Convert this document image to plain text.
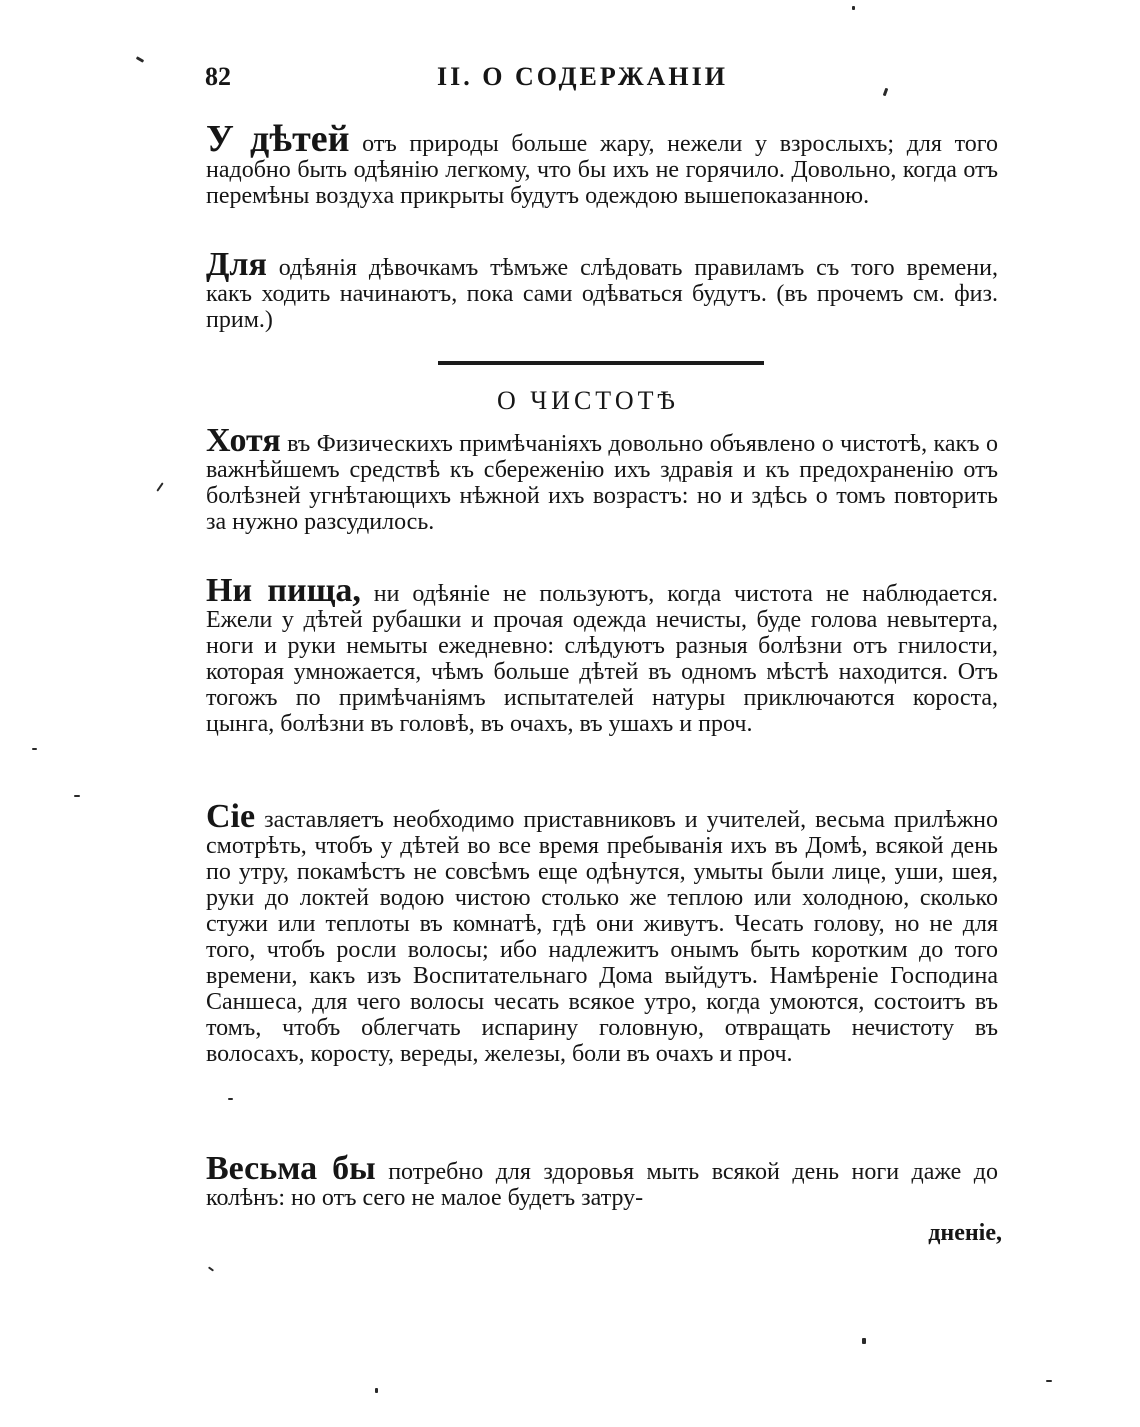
82	II. О СОДЕРЖАНІИ
У дѣтей отъ природы больше жару, нежели у взрослыхъ; для того надобно быть одѣянію легкому, что бы ихъ не горячило. Довольно, когда отъ перемѣны воздуха прикрыты будутъ одеждою вышепоказанною.
Для одѣянія дѣвочкамъ тѣмъже слѣдовать правиламъ съ того времени, какъ ходить начинаютъ, пока сами одѣваться будутъ. (въ прочемъ см. физ. прим.)
О ЧИСТОТѢ
Хотя въ Физическихъ примѣчаніяхъ довольно объявлено о чистотѣ, какъ о важнѣйшемъ средствѣ къ сбереженію ихъ здравія и къ предохраненію отъ болѣзней угнѣтающихъ нѣжной ихъ возрастъ: но и здѣсь о томъ повторить за нужно разсудилось.
Ни пища, ни одѣяніе не пользуютъ, когда чистота не наблюдается. Ежели у дѣтей рубашки и прочая одежда нечисты, буде голова невытерта, ноги и руки немыты ежедневно: слѣдуютъ разныя болѣзни отъ гнилости, которая умножается, чѣмъ больше дѣтей въ одномъ мѣстѣ находится. Отъ тогожъ по примѣчаніямъ испытателей натуры приключаются короста, цынга, болѣзни въ головѣ, въ очахъ, въ ушахъ и проч.
Сіе заставляетъ необходимо приставниковъ и учителей, весьма прилѣжно смотрѣть, чтобъ у дѣтей во все время пребыванія ихъ въ Домѣ, всякой день по утру, покамѣстъ не совсѣмъ еще одѣнутся, умыты были лице, уши, шея, руки до локтей водою чистою столько же теплою или холодною, сколько стужи или теплоты въ комнатѣ, гдѣ они живутъ. Чесать голову, но не для того, чтобъ росли волосы; ибо надлежитъ онымъ быть коротким до того времени, какъ изъ Воспитательнаго Дома выйдутъ. Намѣреніе Господина Саншеса, для чего волосы чесать всякое утро, когда умоются, состоитъ въ томъ, чтобъ облегчать испарину головную, отвращать нечистоту въ волосахъ, коросту, вереды, железы, боли въ очахъ и проч.
Весьма бы потребно для здоровья мыть всякой день ноги даже до колѣнъ: но отъ сего не малое будетъ затру-
дненіе,
